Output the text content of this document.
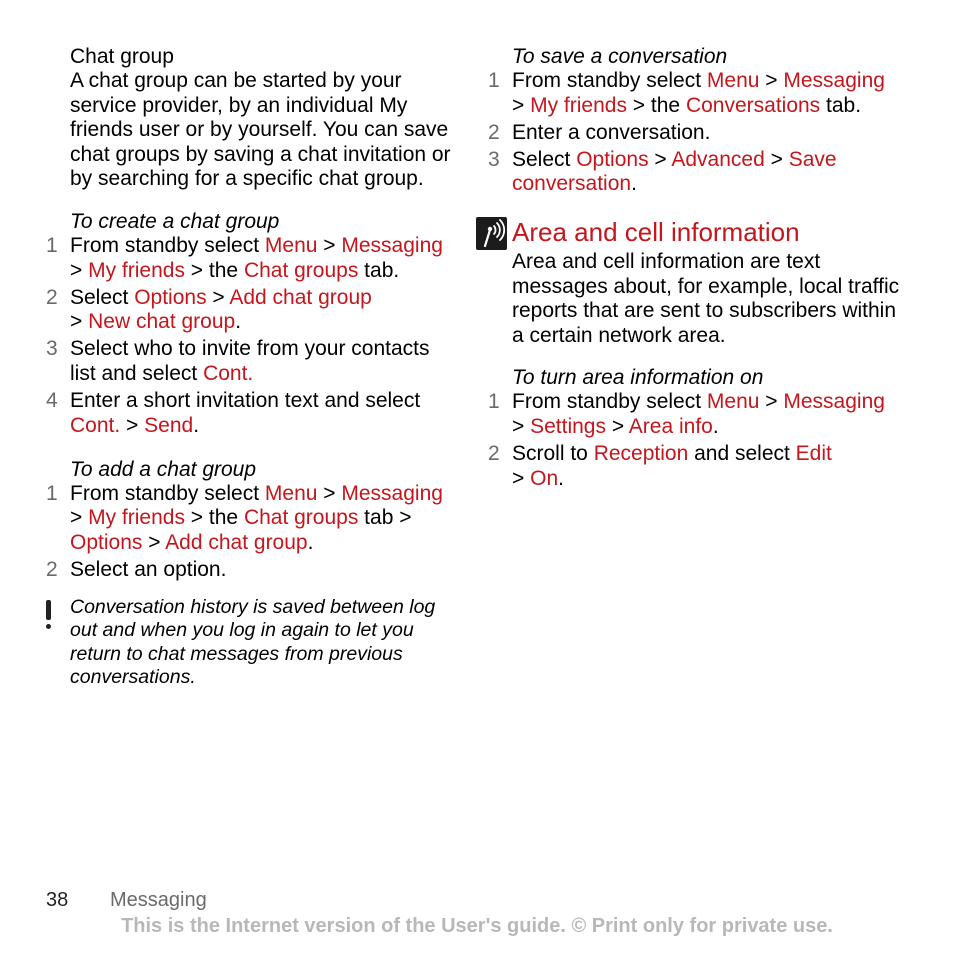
Chat group
A chat group can be started by your service provider, by an individual My friends user or by yourself. You can save chat groups by saving a chat invitation or by searching for a specific chat group.
To create a chat group
1 From standby select Menu > Messaging
> My friends > the Chat groups tab.
2 Select Options > Add chat group
> New chat group.
3 Select who to invite from your contacts list and select Cont.
4 Enter a short invitation text and select Cont. > Send.
To add a chat group
1 From standby select Menu > Messaging
> My friends > the Chat groups tab > Options > Add chat group.
2 Select an option.
Conversation history is saved between log out and when you log in again to let you return to chat messages from previous conversations.
To save a conversation
1 From standby select Menu > Messaging
> My friends > the Conversations tab.
2 Enter a conversation.
3 Select Options > Advanced > Save conversation.
Area and cell information
Area and cell information are text messages about, for example, local traffic reports that are sent to subscribers within a certain network area.
To turn area information on
1 From standby select Menu > Messaging
> Settings > Area info.
2 Scroll to Reception and select Edit
> On.
38 Messaging
This is the Internet version of the User's guide. © Print only for private use.
